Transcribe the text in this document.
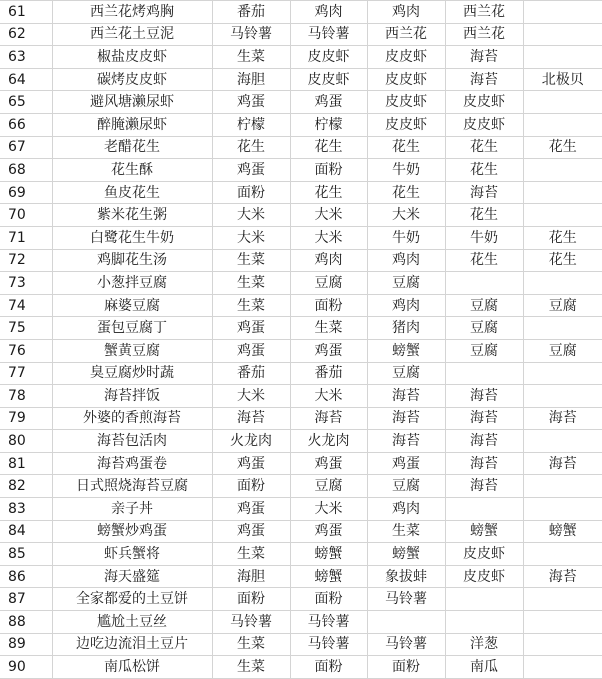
61	西兰花烤鸡胸	番茄	鸡肉	鸡肉	西兰花	
62	西兰花土豆泥	马铃薯	马铃薯	西兰花	西兰花	
63	椒盐皮皮虾	生菜	皮皮虾	皮皮虾	海苔	
64	碳烤皮皮虾	海胆	皮皮虾	皮皮虾	海苔	北极贝
65	避风塘濑尿虾	鸡蛋	鸡蛋	皮皮虾	皮皮虾	
66	醉腌濑尿虾	柠檬	柠檬	皮皮虾	皮皮虾	
67	老醋花生	花生	花生	花生	花生	花生
68	花生酥	鸡蛋	面粉	牛奶	花生	
69	鱼皮花生	面粉	花生	花生	海苔	
70	紫米花生粥	大米	大米	大米	花生	
71	白鹭花生牛奶	大米	大米	牛奶	牛奶	花生
72	鸡脚花生汤	生菜	鸡肉	鸡肉	花生	花生
73	小葱拌豆腐	生菜	豆腐	豆腐		
74	麻婆豆腐	生菜	面粉	鸡肉	豆腐	豆腐
75	蛋包豆腐丁	鸡蛋	生菜	猪肉	豆腐	
76	蟹黄豆腐	鸡蛋	鸡蛋	螃蟹	豆腐	豆腐
77	臭豆腐炒时蔬	番茄	番茄	豆腐		
78	海苔拌饭	大米	大米	海苔	海苔	
79	外婆的香煎海苔	海苔	海苔	海苔	海苔	海苔
80	海苔包活肉	火龙肉	火龙肉	海苔	海苔	
81	海苔鸡蛋卷	鸡蛋	鸡蛋	鸡蛋	海苔	海苔
82	日式照烧海苔豆腐	面粉	豆腐	豆腐	海苔	
83	亲子丼	鸡蛋	大米	鸡肉		
84	螃蟹炒鸡蛋	鸡蛋	鸡蛋	生菜	螃蟹	螃蟹
85	虾兵蟹将	生菜	螃蟹	螃蟹	皮皮虾	
86	海天盛筵	海胆	螃蟹	象拔蚌	皮皮虾	海苔
87	全家都爱的土豆饼	面粉	面粉	马铃薯		
88	尴尬土豆丝	马铃薯	马铃薯			
89	边吃边流泪土豆片	生菜	马铃薯	马铃薯	洋葱	
90	南瓜松饼	生菜	面粉	面粉	南瓜	
